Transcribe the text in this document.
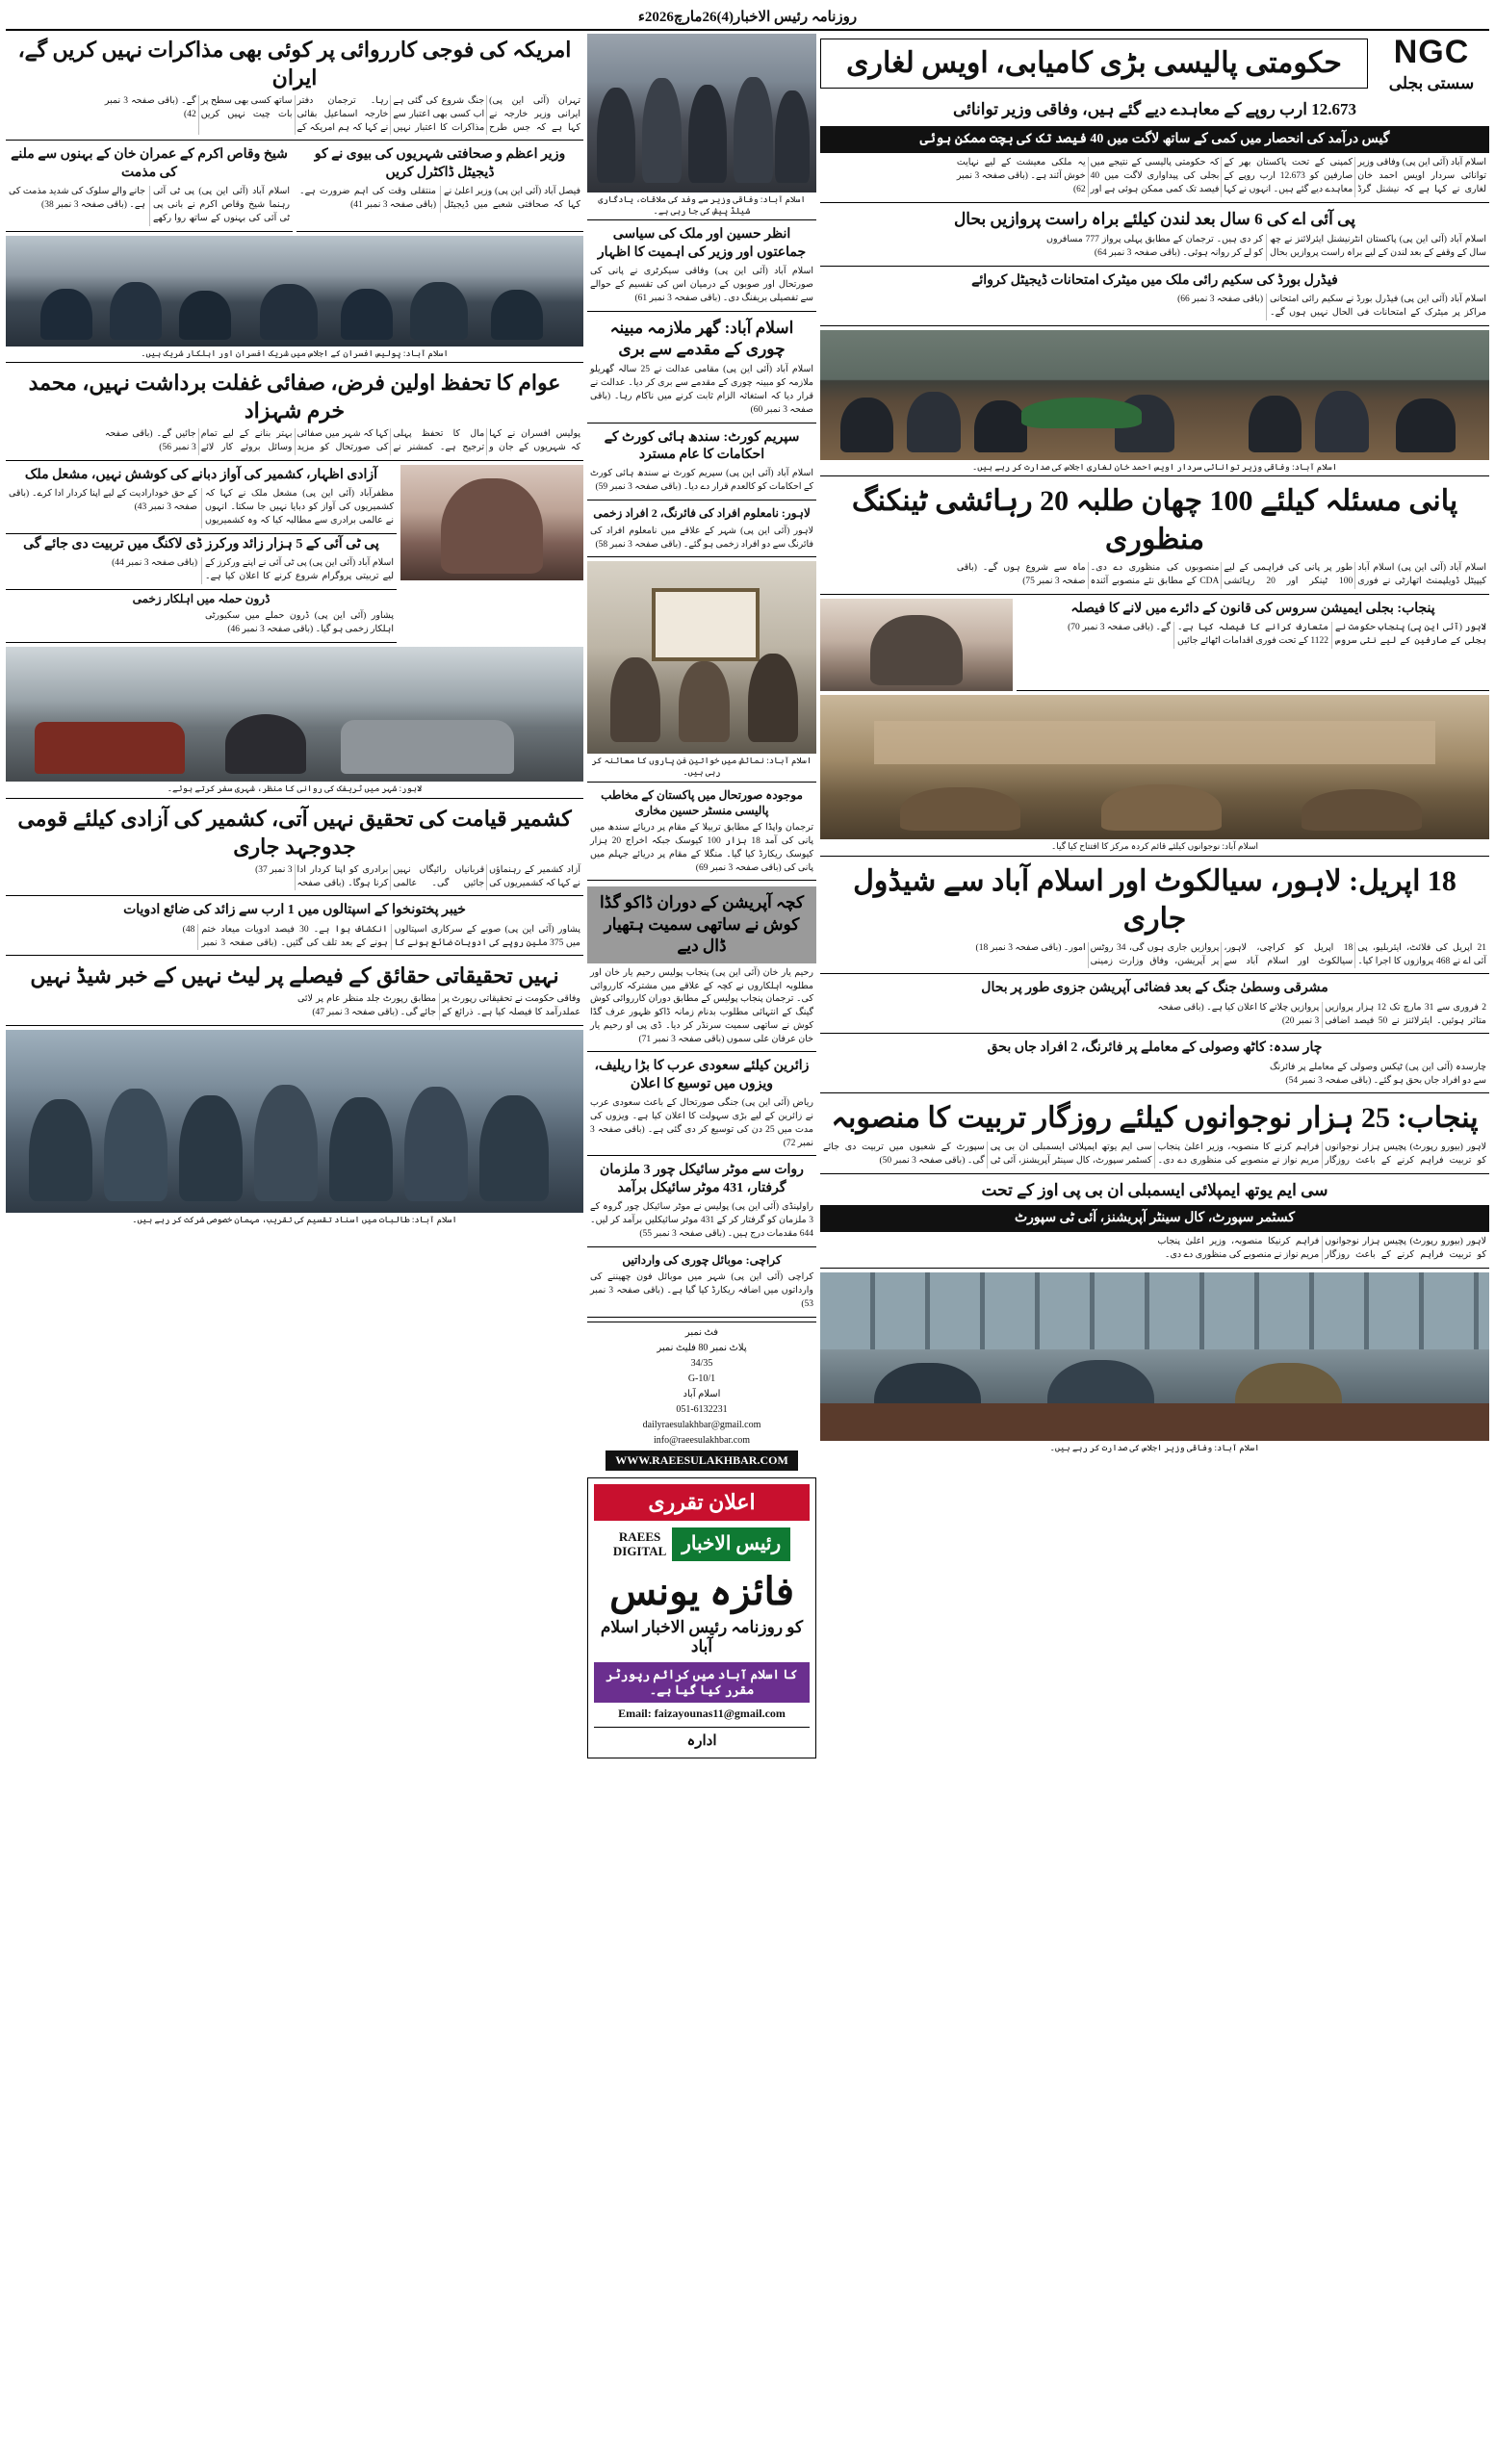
روزنامہ رئیس الاخبار(4)26مارچ2026ء
امریکہ کی فوجی کارروائی پر کوئی بھی مذاکرات نہیں کریں گے، ایران
تہران (آئی این پی) ایرانی وزیر خارجہ نے کہا ہے کہ جس طرح جنگ شروع کی گئی ہے اب کسی بھی اعتبار سے مذاکرات کا اعتبار نہیں رہا۔ ترجمان دفتر خارجہ اسماعیل بقائی نے کہا کہ ہم امریکہ کے ساتھ کسی بھی سطح پر بات چیت نہیں کریں گے۔ (باقی صفحہ 3 نمبر 42)
شیخ وقاص اکرم کے عمران خان کے بہنوں سے ملنے کی مذمت
اسلام آباد (آئی این پی) پی ٹی آئی رہنما شیخ وقاص اکرم نے بانی پی ٹی آئی کی بہنوں کے ساتھ روا رکھے جانے والے سلوک کی شدید مذمت کی ہے۔ (باقی صفحہ 3 نمبر 38)
وزیر اعظم و صحافتی شہریوں کی بیوی نے کو ڈیجیٹل ڈاکٹرل کریں
فیصل آباد (آئی این پی) وزیر اعلیٰ نے کہا کہ صحافتی شعبے میں ڈیجیٹل منتقلی وقت کی اہم ضرورت ہے۔ (باقی صفحہ 3 نمبر 41)
اسلام آباد: پولیس افسران کے اجلاس میں شریک افسران اور اہلکار شریک ہیں۔
عوام کا تحفظ اولین فرض، صفائی غفلت برداشت نہیں، محمد خرم شہزاد
پولیس افسران نے کہا کہ شہریوں کے جان و مال کا تحفظ پہلی ترجیح ہے۔ کمشنر نے کہا کہ شہر میں صفائی کی صورتحال کو مزید بہتر بنانے کے لیے تمام وسائل بروئے کار لائے جائیں گے۔ (باقی صفحہ 3 نمبر 56)
آزادی اظہار، کشمیر کی آواز دبانے کی کوشش نہیں، مشعل ملک
مظفرآباد (آئی این پی) مشعل ملک نے کہا کہ کشمیریوں کی آواز کو دبایا نہیں جا سکتا۔ انہوں نے عالمی برادری سے مطالبہ کیا کہ وہ کشمیریوں کے حق خودارادیت کے لیے اپنا کردار ادا کرے۔ (باقی صفحہ 3 نمبر 43)
پی ٹی آئی کے 5 ہزار زائد ورکرز ڈی لاکنگ میں تربیت دی جائے گی
اسلام آباد (آئی این پی) پی ٹی آئی نے اپنے ورکرز کے لیے تربیتی پروگرام شروع کرنے کا اعلان کیا ہے۔ (باقی صفحہ 3 نمبر 44)
ڈرون حملہ میں اہلکار زخمی
پشاور (آئی این پی) ڈرون حملے میں سکیورٹی اہلکار زخمی ہو گیا۔ (باقی صفحہ 3 نمبر 46)
لاہور: شہر میں ٹریفک کی روانی کا منظر، شہری سفر کرتے ہوئے۔
کشمیر قیامت کی تحقیق نہیں آتی، کشمیر کی آزادی کیلئے قومی جدوجہد جاری
آزاد کشمیر کے رہنماؤں نے کہا کہ کشمیریوں کی قربانیاں رائیگاں نہیں جائیں گی۔ عالمی برادری کو اپنا کردار ادا کرنا ہوگا۔ (باقی صفحہ 3 نمبر 37)
خیبر پختونخوا کے اسپتالوں میں 1 ارب سے زائد کی ضائع ادویات
پشاور (آئی این پی) صوبے کے سرکاری اسپتالوں میں 375 ملین روپے کی ادویات ضائع ہونے کا انکشاف ہوا ہے۔ 30 فیصد ادویات میعاد ختم ہونے کے بعد تلف کی گئیں۔ (باقی صفحہ 3 نمبر 48)
نہیں تحقیقاتی حقائق کے فیصلے پر لیٹ نہیں کے خبر شیڈ نہیں
وفاقی حکومت نے تحقیقاتی رپورٹ پر عملدرآمد کا فیصلہ کیا ہے۔ ذرائع کے مطابق رپورٹ جلد منظر عام پر لائی جائے گی۔ (باقی صفحہ 3 نمبر 47)
اسلام آباد: طالبات میں اسناد تقسیم کی تقریب، مہمان خصوصی شرکت کر رہے ہیں۔
اسلام آباد: وفاقی وزیر سے وفد کی ملاقات، یادگاری شیلڈ پیش کی جا رہی ہے۔
انظر حسین اور ملک کی سیاسی جماعتوں اور وزیر کی اہمیت کا اظہار
اسلام آباد (آئی این پی) وفاقی سیکرٹری نے پانی کی صورتحال اور صوبوں کے درمیان اس کی تقسیم کے حوالے سے تفصیلی بریفنگ دی۔ (باقی صفحہ 3 نمبر 61)
اسلام آباد: گھر ملازمہ مبینہ چوری کے مقدمے سے بری
اسلام آباد (آئی این پی) مقامی عدالت نے 25 سالہ گھریلو ملازمہ کو مبینہ چوری کے مقدمے سے بری کر دیا۔ عدالت نے قرار دیا کہ استغاثہ الزام ثابت کرنے میں ناکام رہا۔ (باقی صفحہ 3 نمبر 60)
سپریم کورٹ: سندھ ہائی کورٹ کے احکامات کا عام مسترد
اسلام آباد (آئی این پی) سپریم کورٹ نے سندھ ہائی کورٹ کے احکامات کو کالعدم قرار دے دیا۔ (باقی صفحہ 3 نمبر 59)
لاہور: نامعلوم افراد کی فائرنگ، 2 افراد زخمی
لاہور (آئی این پی) شہر کے علاقے میں نامعلوم افراد کی فائرنگ سے دو افراد زخمی ہو گئے۔ (باقی صفحہ 3 نمبر 58)
اسلام آباد: نمائش میں خواتین فن پاروں کا معائنہ کر رہی ہیں۔
موجودہ صورتحال میں پاکستان کے مخاطب پالیسی منسٹر حسین مخاری
ترجمان واپڈا کے مطابق تربیلا کے مقام پر دریائے سندھ میں پانی کی آمد 18 ہزار 100 کیوسک جبکہ اخراج 20 ہزار کیوسک ریکارڈ کیا گیا۔ منگلا کے مقام پر دریائے جہلم میں پانی کی (باقی صفحہ 3 نمبر 69)
کچہ آپریشن کے دوران ڈاکو گڈا کوش نے ساتھی سمیت ہتھیار ڈال دیے
رحیم یار خان (آئی این پی) پنجاب پولیس رحیم یار خان اور مطلوبہ اہلکاروں نے کچہ کے علاقے میں مشترکہ کارروائی کی۔ ترجمان پنجاب پولیس کے مطابق دوران کارروائی کوش گینگ کے انتہائی مطلوب بدنام زمانہ ڈاکو ظہور عرف گڈا کوش نے ساتھی سمیت سرنڈر کر دیا۔ ڈی پی او رحیم یار خان عرفان علی سموں (باقی صفحہ 3 نمبر 71)
زائرین کیلئے سعودی عرب کا بڑا ریلیف، ویزوں میں توسیع کا اعلان
ریاض (آئی این پی) جنگی صورتحال کے باعث سعودی عرب نے زائرین کے لیے بڑی سہولت کا اعلان کیا ہے۔ ویزوں کی مدت میں 25 دن کی توسیع کر دی گئی ہے۔ (باقی صفحہ 3 نمبر 72)
روات سے موٹر سائیکل چور 3 ملزمان گرفتار، 431 موٹر سائیکل برآمد
راولپنڈی (آئی این پی) پولیس نے موٹر سائیکل چور گروہ کے 3 ملزمان کو گرفتار کر کے 431 موٹر سائیکلیں برآمد کر لیں۔ 644 مقدمات درج ہیں۔ (باقی صفحہ 3 نمبر 55)
کراچی: موبائل چوری کی وارداتیں
کراچی (آئی این پی) شہر میں موبائل فون چھیننے کی وارداتوں میں اضافہ ریکارڈ کیا گیا ہے۔ (باقی صفحہ 3 نمبر 53)
فٹ نمبر
پلاٹ نمبر 80 فلیٹ نمبر
34/35
G-10/1
اسلام آباد
051-6132231
dailyraesulakhbar@gmail.com
info@raeesulakhbar.com
WWW.RAEESULAKHBAR.COM
اعلان تقرری
رئیس الاخبار
RAEES
DIGITAL
فائزہ یونس
کو روزنامہ رئیس الاخبار اسلام آباد
کا اسلام آباد میں کرائم رپورٹر مقرر کیا گیا ہے۔
Email: faizayounas11@gmail.com
ادارہ
حکومتی پالیسی بڑی کامیابی، اویس لغاری	NGC
سستی بجلی
12.673 ارب روپے کے معاہدے دیے گئے ہیں، وفاقی وزیر توانائی
گیس درآمد کی انحصار میں کمی کے ساتھ لاگت میں 40 فیصد تک کی بچت ممکن ہوئی
اسلام آباد (آئی این پی) وفاقی وزیر توانائی سردار اویس احمد خان لغاری نے کہا ہے کہ نیشنل گرڈ کمپنی کے تحت پاکستان بھر کے صارفین کو 12.673 ارب روپے کے معاہدے دیے گئے ہیں۔ انہوں نے کہا کہ حکومتی پالیسی کے نتیجے میں بجلی کی پیداواری لاگت میں 40 فیصد تک کمی ممکن ہوئی ہے اور یہ ملکی معیشت کے لیے نہایت خوش آئند ہے۔ (باقی صفحہ 3 نمبر 62)
پی آئی اے کی 6 سال بعد لندن کیلئے براہ راست پروازیں بحال
اسلام آباد (آئی این پی) پاکستان انٹرنیشنل ایئرلائنز نے چھ سال کے وقفے کے بعد لندن کے لیے براہ راست پروازیں بحال کر دی ہیں۔ ترجمان کے مطابق پہلی پرواز 777 مسافروں کو لے کر روانہ ہوئی۔ (باقی صفحہ 3 نمبر 64)
فیڈرل بورڈ کی سکیم رائی ملک میں میٹرک امتحانات ڈیجیٹل کروائے
اسلام آباد (آئی این پی) فیڈرل بورڈ نے سکیم رائی امتحانی مراکز پر میٹرک کے امتحانات فی الحال نہیں ہوں گے۔ (باقی صفحہ 3 نمبر 66)
اسلام آباد: وفاقی وزیر توانائی سردار اویس احمد خان لغاری اجلاس کی صدارت کر رہے ہیں۔
پانی مسئلہ کیلئے 100 چھان طلبہ 20 رہائشی ٹینکنگ منظوری
اسلام آباد (آئی این پی) اسلام آباد کیپیٹل ڈویلپمنٹ اتھارٹی نے فوری طور پر پانی کی فراہمی کے لیے 100 ٹینکر اور 20 رہائشی منصوبوں کی منظوری دے دی۔ CDA کے مطابق نئے منصوبے آئندہ ماہ سے شروع ہوں گے۔ (باقی صفحہ 3 نمبر 75)
پنجاب: بجلی ایمیشن سروس کی قانون کے دائرے میں لانے کا فیصلہ
لاہور (آئی این پی) پنجاب حکومت نے بجلی کے صارفین کے لیے نئی سروس متعارف کرانے کا فیصلہ کیا ہے۔ 1122 کے تحت فوری اقدامات اٹھائے جائیں گے۔ (باقی صفحہ 3 نمبر 70)
اسلام آباد: نوجوانوں کیلئے قائم کردہ مرکز کا افتتاح کیا گیا۔
18 اپریل: لاہور، سیالکوٹ اور اسلام آباد سے شیڈول جاری
21 اپریل کی فلائٹ، ایئربلیو، پی آئی اے نے 468 پروازوں کا اجرا کیا۔ 18 اپریل کو کراچی، لاہور، سیالکوٹ اور اسلام آباد سے پروازیں جاری ہوں گی، 34 روٹس پر آپریشن، وفاق وزارت زمینی امور۔ (باقی صفحہ 3 نمبر 18)
مشرقی وسطیٰ جنگ کے بعد فضائی آپریشن جزوی طور پر بحال
2 فروری سے 31 مارچ تک 12 ہزار پروازیں متاثر ہوئیں۔ ایئرلائنز نے 50 فیصد اضافی پروازیں چلانے کا اعلان کیا ہے۔ (باقی صفحہ 3 نمبر 20)
چار سدہ: کاٹھ وصولی کے معاملے پر فائرنگ، 2 افراد جاں بحق
چارسدہ (آئی این پی) ٹیکس وصولی کے معاملے پر فائرنگ سے دو افراد جاں بحق ہو گئے۔ (باقی صفحہ 3 نمبر 54)
پنجاب: 25 ہزار نوجوانوں کیلئے روزگار تربیت کا منصوبہ
لاہور (بیورو رپورٹ) پچیس ہزار نوجوانوں کو تربیت فراہم کرنے کے باعث روزگار فراہم کرنے کا منصوبہ، وزیر اعلیٰ پنجاب مریم نواز نے منصوبے کی منظوری دے دی۔ سی ایم یوتھ ایمپلائی ایسمبلی ان بی پی کسٹمر سپورٹ، کال سینٹر آپریشنز، آئی ٹی سپورٹ کے شعبوں میں تربیت دی جائے گی۔ (باقی صفحہ 3 نمبر 50)
سی ایم یوتھ ایمپلائی ایسمبلی ان بی پی اوز کے تحت
کسٹمر سپورٹ، کال سینٹر آپریشنز، آئی ٹی سپورٹ
لاہور (بیورو رپورٹ) پچیس ہزار نوجوانوں کو تربیت فراہم کرنے کے باعث روزگار فراہم کرنیکا منصوبہ، وزیر اعلیٰ پنجاب مریم نواز نے منصوبے کی منظوری دے دی۔
اسلام آباد: وفاقی وزیر اجلاس کی صدارت کر رہے ہیں۔
